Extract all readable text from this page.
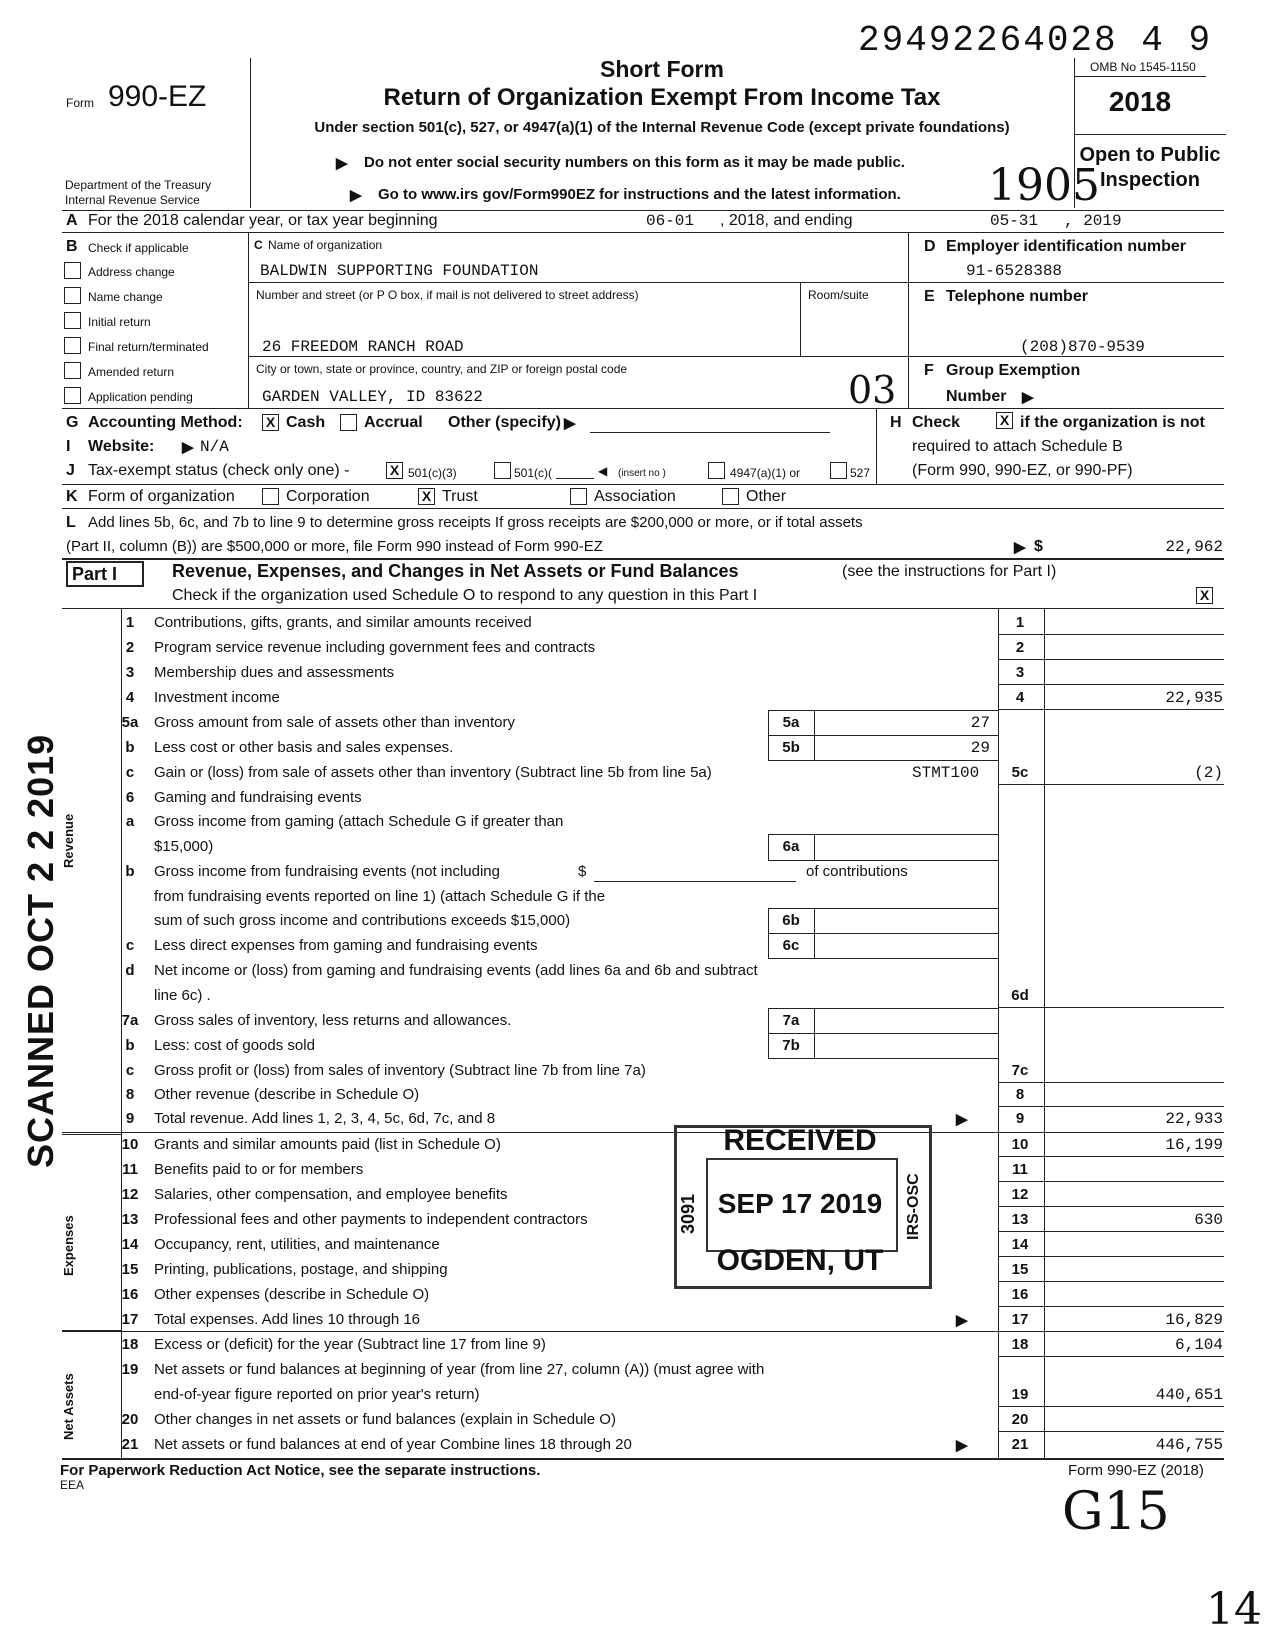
29492264028 4 9
Form 990-EZ
Department of the Treasury
Internal Revenue Service
Short Form
Return of Organization Exempt From Income Tax
Under section 501(c), 527, or 4947(a)(1) of the Internal Revenue Code (except private foundations)
▶ Do not enter social security numbers on this form as it may be made public.
▶ Go to www.irs gov/Form990EZ for instructions and the latest information. 1905
OMB No 1545-1150
2018
Open to Public Inspection
A For the 2018 calendar year, or tax year beginning	06-01 , 2018, and ending	05-31 , 2019
B Check if applicable
Address change
Name change
Initial return
Final return/terminated
Amended return
Application pending
C Name of organization
BALDWIN SUPPORTING FOUNDATION
Number and street (or P O box, if mail is not delivered to street address)	Room/suite
26 FREEDOM RANCH ROAD
City or town, state or province, country, and ZIP or foreign postal code
GARDEN VALLEY, ID 83622	03
D Employer identification number
91-6528388
E Telephone number
(208)870-9539
F Group Exemption
Number ▶
G Accounting Method: X Cash Accrual Other (specify) ▶	H Check	X if the organization is not
required to attach Schedule B
(Form 990, 990-EZ, or 990-PF)
I Website: ▶ N/A
J Tax-exempt status (check only one) -	X 501(c)(3)	501(c)(	◀ (insert no )	4947(a)(1) or	527
K Form of organization	Corporation	X Trust	Association	Other
L Add lines 5b, 6c, and 7b to line 9 to determine gross receipts If gross receipts are $200,000 or more, or if total assets
(Part II, column (B)) are $500,000 or more, file Form 990 instead of Form 990-EZ	▶ $	22,962
Part I	Revenue, Expenses, and Changes in Net Assets or Fund Balances	(see the instructions for Part I)
Check if the organization used Schedule O to respond to any question in this Part I	X
Revenue
Expenses
Net Assets
SCANNED OCT 2 2 2019
1	Contributions, gifts, grants, and similar amounts received	1
2	Program service revenue including government fees and contracts	2
3	Membership dues and assessments	3
4	Investment income	4	22,935
5a	Gross amount from sale of assets other than inventory	5a	27
b	Less cost or other basis and sales expenses.	5b	29
c	Gain or (loss) from sale of assets other than inventory (Subtract line 5b from line 5a)	STMT100	5c	(2)
6	Gaming and fundraising events
a	Gross income from gaming (attach Schedule G if greater than
$15,000)	6a
b	Gross income from fundraising events (not including	$	of contributions
from fundraising events reported on line 1) (attach Schedule G if the
sum of such gross income and contributions exceeds $15,000)	6b
c	Less direct expenses from gaming and fundraising events	6c
d	Net income or (loss) from gaming and fundraising events (add lines 6a and 6b and subtract
line 6c) .	6d
7a	Gross sales of inventory, less returns and allowances.	7a
b	Less: cost of goods sold	7b
c	Gross profit or (loss) from sales of inventory (Subtract line 7b from line 7a)	7c
8	Other revenue (describe in Schedule O)	8
9	Total revenue. Add lines 1, 2, 3, 4, 5c, 6d, 7c, and 8	▶	9	22,933
10	Grants and similar amounts paid (list in Schedule O)	10	16,199
11	Benefits paid to or for members	11
12	Salaries, other compensation, and employee benefits	12
13	Professional fees and other payments to independent contractors	13	630
14	Occupancy, rent, utilities, and maintenance	14
15	Printing, publications, postage, and shipping	15
16	Other expenses (describe in Schedule O)	16
17	Total expenses. Add lines 10 through 16	▶	17	16,829
18	Excess or (deficit) for the year (Subtract line 17 from line 9)	18	6,104
19	Net assets or fund balances at beginning of year (from line 27, column (A)) (must agree with
end-of-year figure reported on prior year's return)	19	440,651
20	Other changes in net assets or fund balances (explain in Schedule O)	20
21	Net assets or fund balances at end of year Combine lines 18 through 20	▶	21	446,755
RECEIVED
SEP 17 2019
OGDEN, UT
3091	IRS-OSC
For Paperwork Reduction Act Notice, see the separate instructions.
EEA
Form 990-EZ (2018)
G15
14
